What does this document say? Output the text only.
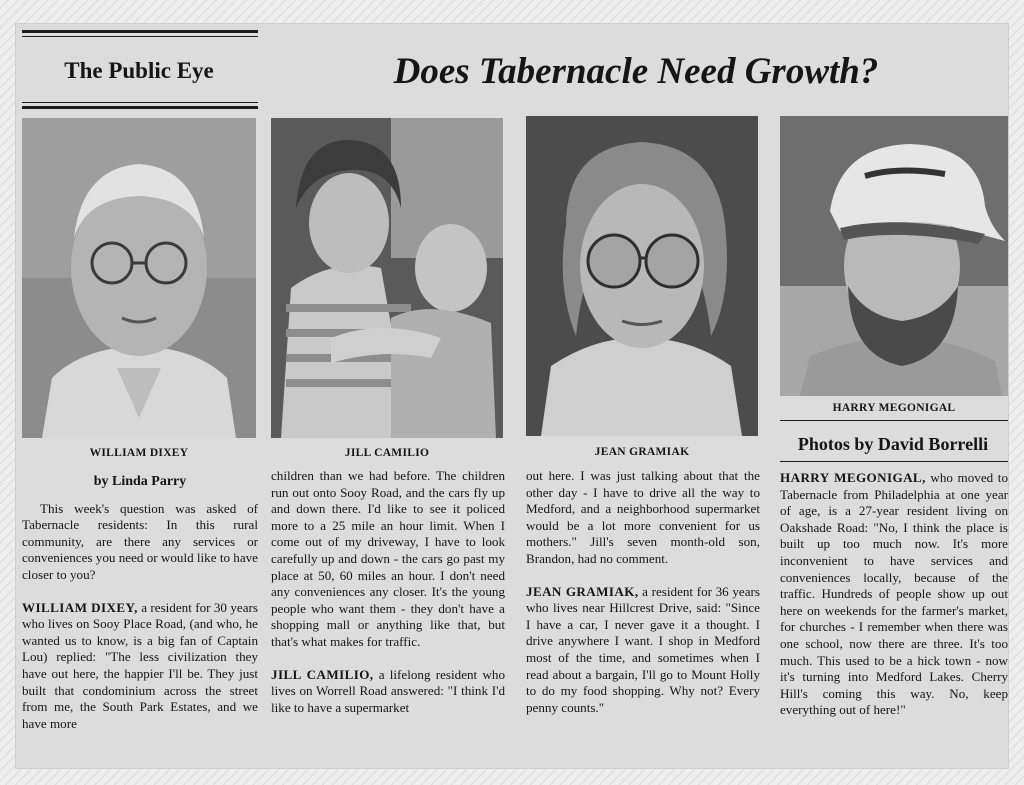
The Public Eye	Does Tabernacle Need Growth?
WILLIAM DIXEY	JILL CAMILIO	JEAN GRAMIAK
HARRY MEGONIGAL
Photos by David Borrelli
by Linda Parry

This week's question was asked of Tabernacle residents: In this rural community, are there any services or conveniences you need or would like to have closer to you?

WILLIAM DIXEY, a resident for 30 years who lives on Sooy Place Road, (and who, he wanted us to know, is a big fan of Captain Lou) replied: "The less civilization they have out here, the happier I'll be. They just built that condominium across the street from me, the South Park Estates, and we have more

children than we had before. The children run out onto Sooy Road, and the cars fly up and down there. I'd like to see it policed more to a 25 mile an hour limit. When I come out of my driveway, I have to look carefully up and down - the cars go past my place at 50, 60 miles an hour. I don't need any conveniences any closer. It's the young people who want them - they don't have a shopping mall or anything like that, but that's what makes for traffic.

JILL CAMILIO, a lifelong resident who lives on Worrell Road answered: "I think I'd like to have a supermarket

out here. I was just talking about that the other day - I have to drive all the way to Medford, and a neighborhood supermarket would be a lot more convenient for us mothers." Jill's seven month-old son, Brandon, had no comment.

JEAN GRAMIAK, a resident for 36 years who lives near Hillcrest Drive, said: "Since I have a car, I never gave it a thought. I drive anywhere I want. I shop in Medford most of the time, and sometimes when I read about a bargain, I'll go to Mount Holly to do my food shopping. Why not? Every penny counts."

HARRY MEGONIGAL, who moved to Tabernacle from Philadelphia at one year of age, is a 27-year resident living on Oakshade Road: "No, I think the place is built up too much now. It's more inconvenient to have services and conveniences locally, because of the traffic. Hundreds of people show up out here on weekends for the farmer's market, for churches - I remember when there was one school, now there are three. It's too much. This used to be a hick town - now it's turning into Medford Lakes. Cherry Hill's coming this way. No, keep everything out of here!"
